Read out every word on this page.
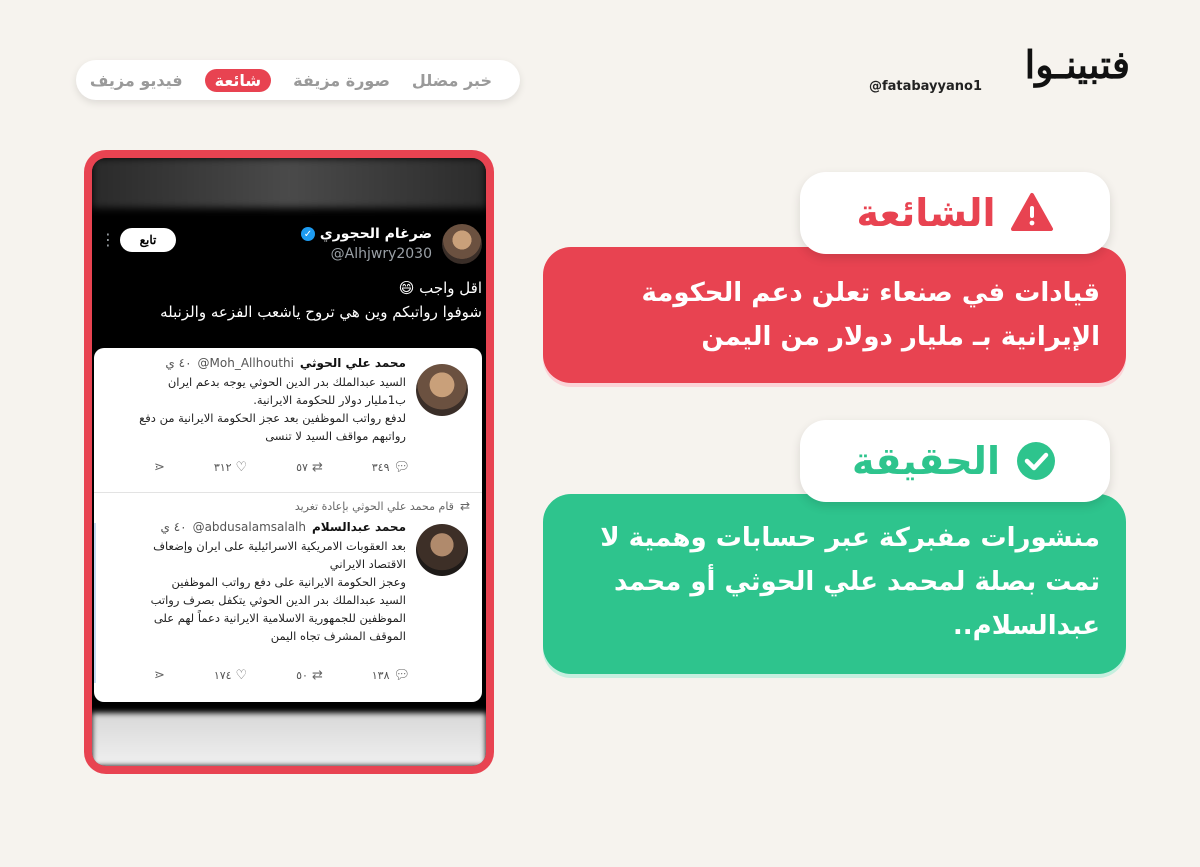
خبر مضلل
صورة مزيفة
شائعة
فيديو مزيف	فتبينـوا
@fatabayyano1
ضرغام الحجوري
✓
@Alhjwry2030
تابع
⋮
اقل واجب 😄
شوفوا رواتبكم وين هي تروح ياشعب الفزعه والزنبله
محمد علي الحوثي
@Moh_Allhouthi
٤٠ ي
السيد عبدالملك بدر الدين الحوثي يوجه بدعم ايران
ب1مليار دولار للحكومة الايرانية.
لدفع رواتب الموظفين بعد عجز الحكومة الايرانية من دفع
رواتبهم مواقف السيد لا تنسى
💬︎
٣٤٩
⇄
٥٧
♡
٣١٢
⋖
⇄
قام محمد علي الحوثي بإعادة تغريد
محمد عبدالسلام
@abdusalamsalalh
٤٠ ي
بعد العقوبات الامريكية الاسرائيلية على ايران وإضعاف
الاقتصاد الايراني
وعجز الحكومة الايرانية على دفع رواتب الموظفين
السيد عبدالملك بدر الدين الحوثي يتكفل بصرف رواتب
الموظفين للجمهورية الاسلامية الايرانية دعماً لهم على
الموقف المشرف تجاه اليمن
💬︎
١٣٨
⇄
٥٠
♡
١٧٤
⋖
قيادات في صنعاء تعلن دعم الحكومة
الإيرانية بـ مليار دولار من اليمن
الشائعة
منشورات مفبركة عبر حسابات وهمية لا
تمت بصلة لمحمد علي الحوثي أو محمد
عبدالسلام..
الحقيقة
